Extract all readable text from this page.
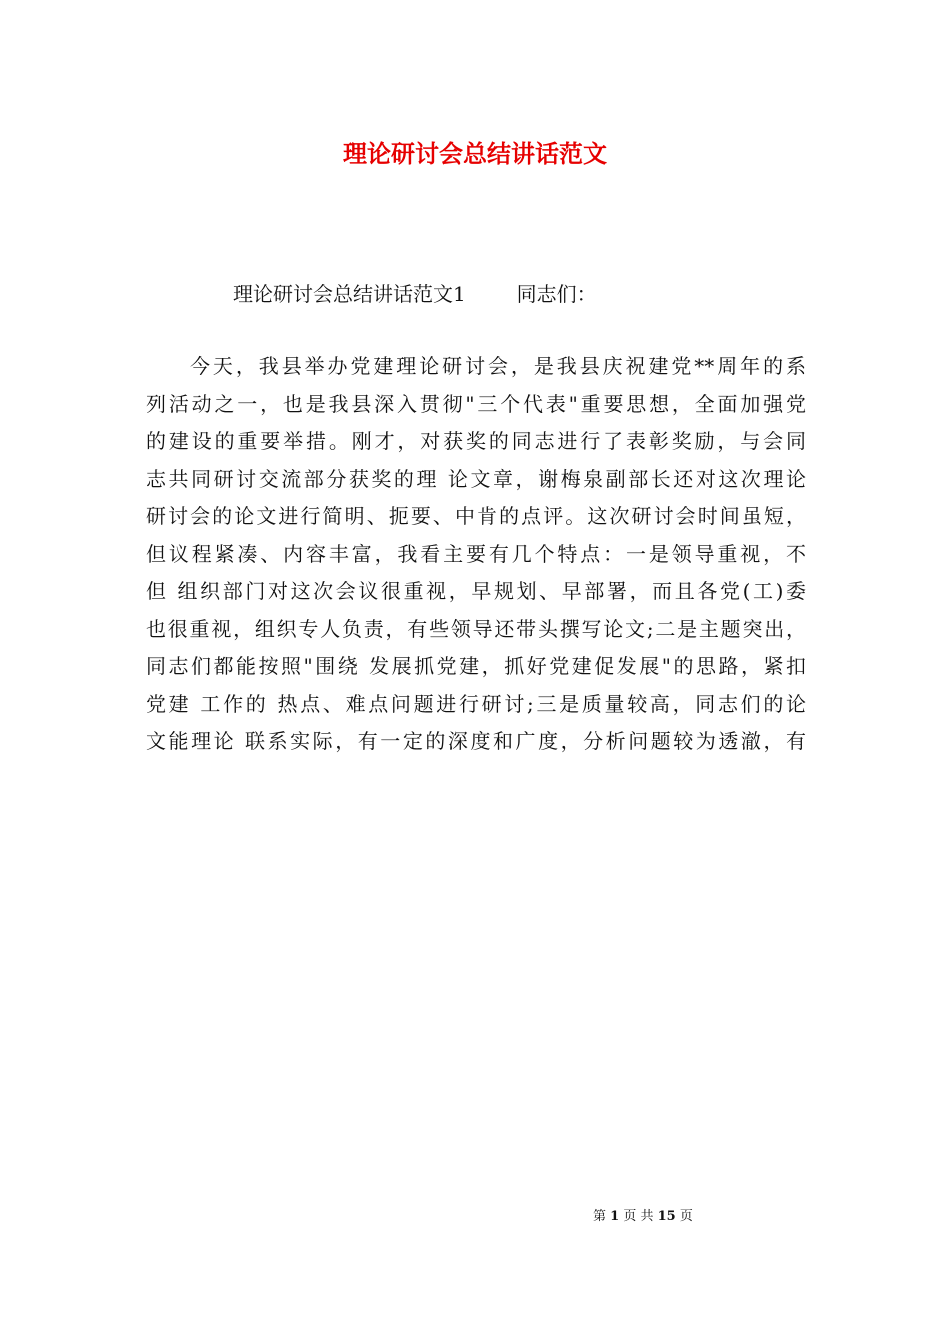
理论研讨会总结讲话范文

理论研讨会总结讲话范文1	同志们：

今天，我县举办党建理论研讨会，是我县庆祝建党**周年的系
列活动之一，也是我县深入贯彻"三个代表"重要思想，全面加强党
的建设的重要举措。刚才，对获奖的同志进行了表彰奖励，与会同
志共同研讨交流部分获奖的理 论文章，谢梅泉副部长还对这次理论
研讨会的论文进行简明、扼要、中肯的点评。这次研讨会时间虽短，
但议程紧凑、内容丰富，我看主要有几个特点：一是领导重视，不
但 组织部门对这次会议很重视，早规划、早部署，而且各党(工)委
也很重视，组织专人负责，有些领导还带头撰写论文;二是主题突出，
同志们都能按照"围绕 发展抓党建，抓好党建促发展"的思路，紧扣
党建 工作的 热点、难点问题进行研讨;三是质量较高，同志们的论
文能理论 联系实际，有一定的深度和广度，分析问题较为透澈，有

第 1 页 共 15 页
